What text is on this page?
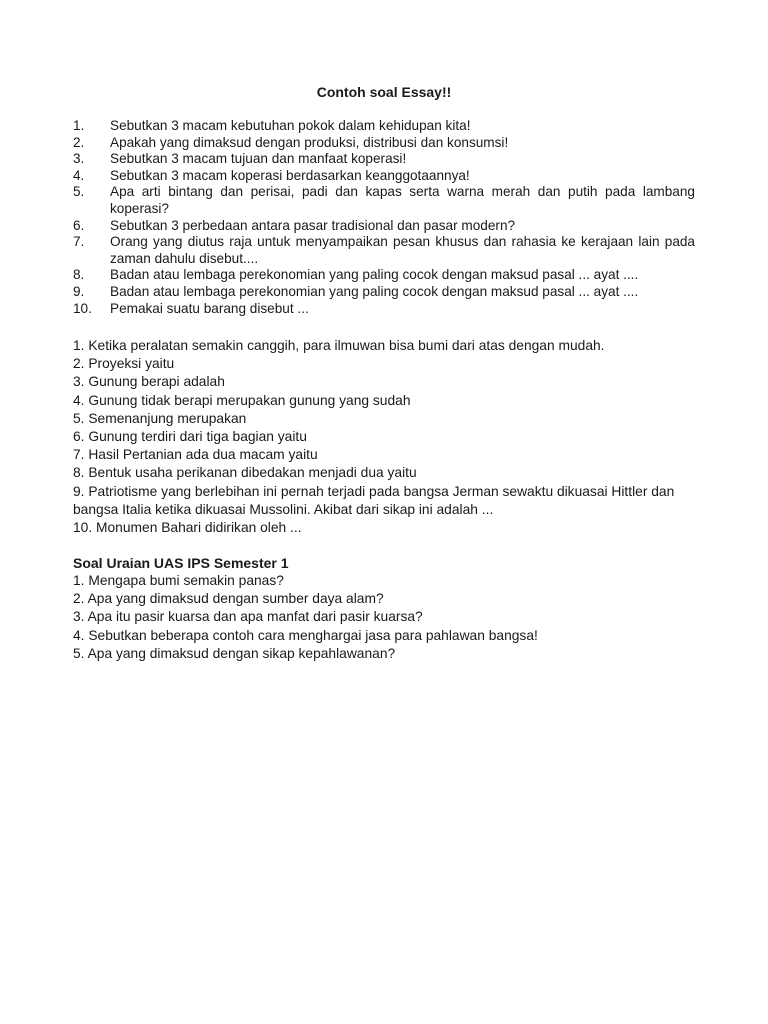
Contoh soal Essay!!
1.	Sebutkan 3 macam kebutuhan pokok dalam kehidupan kita!
2.	Apakah yang dimaksud dengan produksi, distribusi dan konsumsi!
3.	Sebutkan 3 macam tujuan dan manfaat koperasi!
4.	Sebutkan 3 macam koperasi berdasarkan keanggotaannya!
5.	Apa arti bintang dan perisai, padi dan kapas serta warna merah dan putih pada lambang koperasi?
6.	Sebutkan 3 perbedaan antara pasar tradisional dan pasar modern?
7.	Orang yang diutus raja untuk menyampaikan pesan khusus dan rahasia ke kerajaan lain pada zaman dahulu disebut....
8.	Badan atau lembaga perekonomian yang paling cocok dengan maksud pasal ... ayat ....
9.	Badan atau lembaga perekonomian yang paling cocok dengan maksud pasal ... ayat ....
10.	Pemakai suatu barang disebut ...
1. Ketika peralatan semakin canggih, para ilmuwan bisa bumi dari atas dengan mudah.
2. Proyeksi yaitu
3. Gunung berapi adalah
4. Gunung tidak berapi merupakan gunung yang sudah
5. Semenanjung merupakan
6. Gunung terdiri dari tiga bagian yaitu
7. Hasil Pertanian ada dua macam yaitu
8. Bentuk usaha perikanan dibedakan menjadi dua yaitu
9. Patriotisme yang berlebihan ini pernah terjadi pada bangsa Jerman sewaktu dikuasai Hittler dan bangsa Italia ketika dikuasai Mussolini. Akibat dari sikap ini adalah ...
10. Monumen Bahari didirikan oleh ...
Soal Uraian UAS IPS Semester 1
1. Mengapa bumi semakin panas?
2. Apa yang dimaksud dengan sumber daya alam?
3. Apa itu pasir kuarsa dan apa manfat dari pasir kuarsa?
4. Sebutkan beberapa contoh cara menghargai jasa para pahlawan bangsa!
5. Apa yang dimaksud dengan sikap kepahlawanan?
